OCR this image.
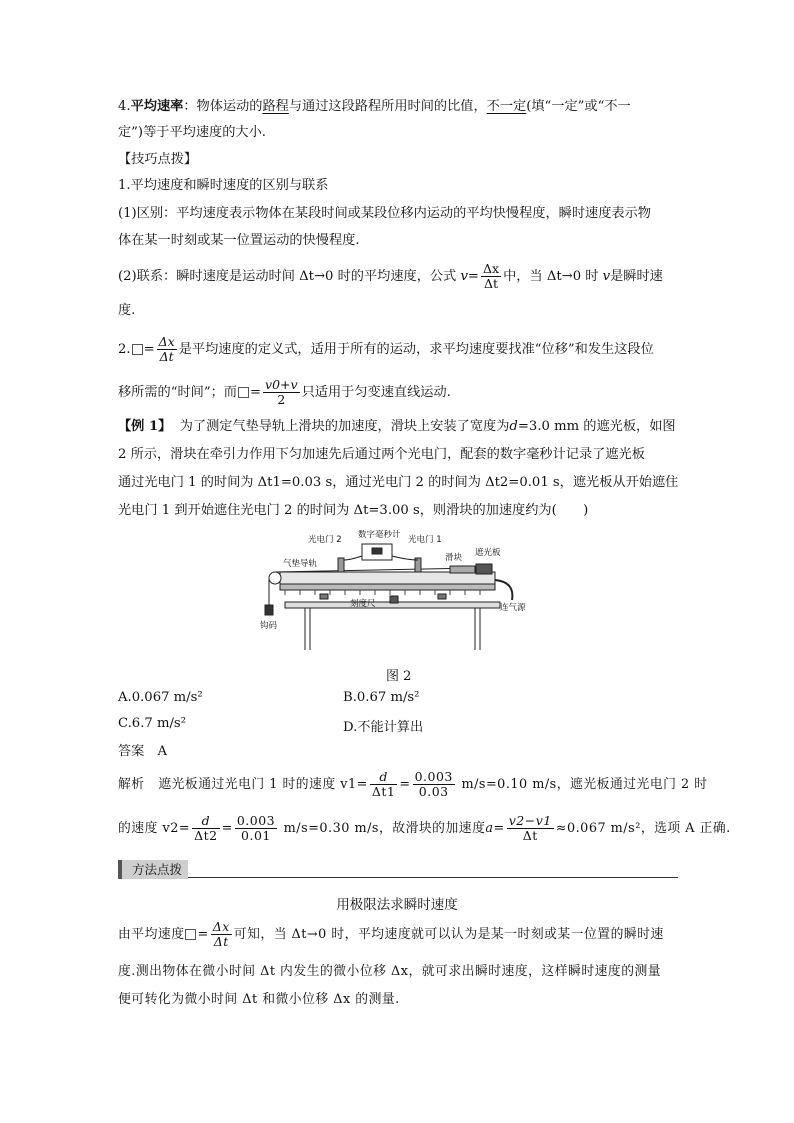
4.平均速率：物体运动的路程与通过这段路程所用时间的比值，不一定(填“一定”或“不一
定”)等于平均速度的大小.
【技巧点拨】
1.平均速度和瞬时速度的区别与联系
(1)区别：平均速度表示物体在某段时间或某段位移内运动的平均快慢程度，瞬时速度表示物
体在某一时刻或某一位置运动的快慢程度.
(2)联系：瞬时速度是运动时间 Δt→0 时的平均速度，公式 $v= \frac{\Delta x}{\Delta t}$ 中，当 Δt→0 时 v是瞬时速
度.
2. = $\frac{\Delta x}{\Delta t}$ 是平均速度的定义式，适用于所有的运动，求平均速度要找准“位移”和发生这段位
移所需的“时间”；而 = $\frac{v0+v}{2}$ 只适用于匀变速直线运动.
【例 1】 为了测定气垫导轨上滑块的加速度，滑块上安装了宽度为d=3.0 mm 的遮光板，如图
2 所示，滑块在牵引力作用下匀加速先后通过两个光电门，配套的数字毫秒计记录了遮光板
通过光电门 1 的时间为 Δt1=0.03 s，通过光电门 2 的时间为 Δt2=0.01 s，遮光板从开始遮住
光电门 1 到开始遮住光电门 2 的时间为 Δt=3.00 s，则滑块的加速度约为(　　)
光电门 2 数字毫秒计 光电门 1
气垫导轨
滑块 遮光板
刻度尺	连气源
钩码
图 2
A.0.067 m/s²	B.0.67 m/s²
C.6.7 m/s²	D.不能计算出
答案　A
解析 遮光板通过光电门 1 时的速度 $v1= \frac{d}{\Delta t1} = \frac{0.003}{0.03} m/s=0.10$ m/s，遮光板通过光电门 2 时
的速度 $v2= \frac{d}{\Delta t2} = \frac{0.003}{0.01} m/s=0.30$ m/s，故滑块的加速度$a= \frac{v2-v1}{\Delta t} \approx 0.067$ m/s²，选项 A 正确.
方法点拨
用极限法求瞬时速度
由平均速度 = $\frac{\Delta x}{\Delta t}$ 可知，当 Δt→0 时，平均速度就可以认为是某一时刻或某一位置的瞬时速
度.测出物体在微小时间 Δt 内发生的微小位移 Δx，就可求出瞬时速度，这样瞬时速度的测量
便可转化为微小时间 Δt 和微小位移 Δx 的测量.
